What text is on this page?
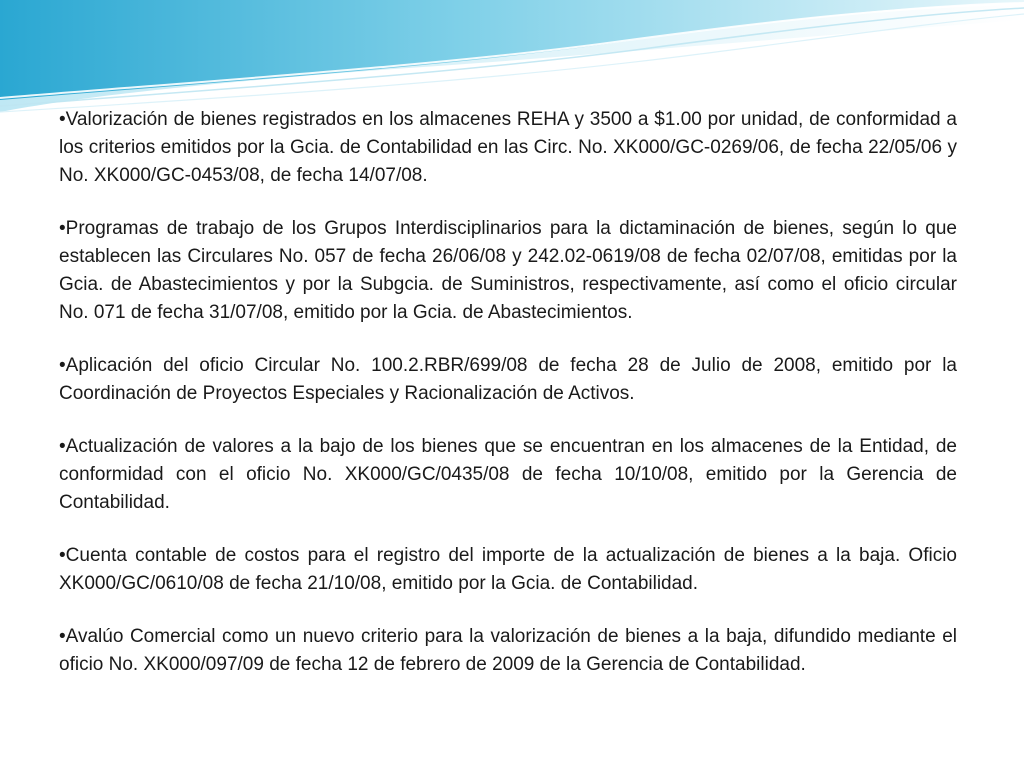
•Valorización de bienes registrados en los almacenes REHA y 3500 a $1.00 por unidad, de conformidad a los criterios emitidos por la Gcia. de Contabilidad en las Circ. No. XK000/GC-0269/06, de fecha 22/05/06 y No. XK000/GC-0453/08, de fecha 14/07/08.

•Programas de trabajo de los Grupos Interdisciplinarios para la dictaminación de bienes, según lo que establecen las Circulares No. 057 de fecha 26/06/08 y 242.02-0619/08 de fecha 02/07/08, emitidas por la Gcia. de Abastecimientos y por la Subgcia. de Suministros, respectivamente, así como el oficio circular No. 071 de fecha 31/07/08, emitido por la Gcia. de Abastecimientos.

•Aplicación del oficio Circular No. 100.2.RBR/699/08 de fecha 28 de Julio de 2008, emitido por la Coordinación de Proyectos Especiales y Racionalización de Activos.

•Actualización de valores a la bajo de los bienes que se encuentran en los almacenes de la Entidad, de conformidad con el oficio No. XK000/GC/0435/08 de fecha 10/10/08, emitido por la Gerencia de Contabilidad.

•Cuenta contable de costos para el registro del importe de la actualización de bienes a la baja. Oficio XK000/GC/0610/08 de fecha 21/10/08, emitido por la Gcia. de Contabilidad.

•Avalúo Comercial como un nuevo criterio para la valorización de bienes a la baja, difundido mediante el oficio No. XK000/097/09 de fecha 12 de febrero de 2009 de la Gerencia de Contabilidad.
